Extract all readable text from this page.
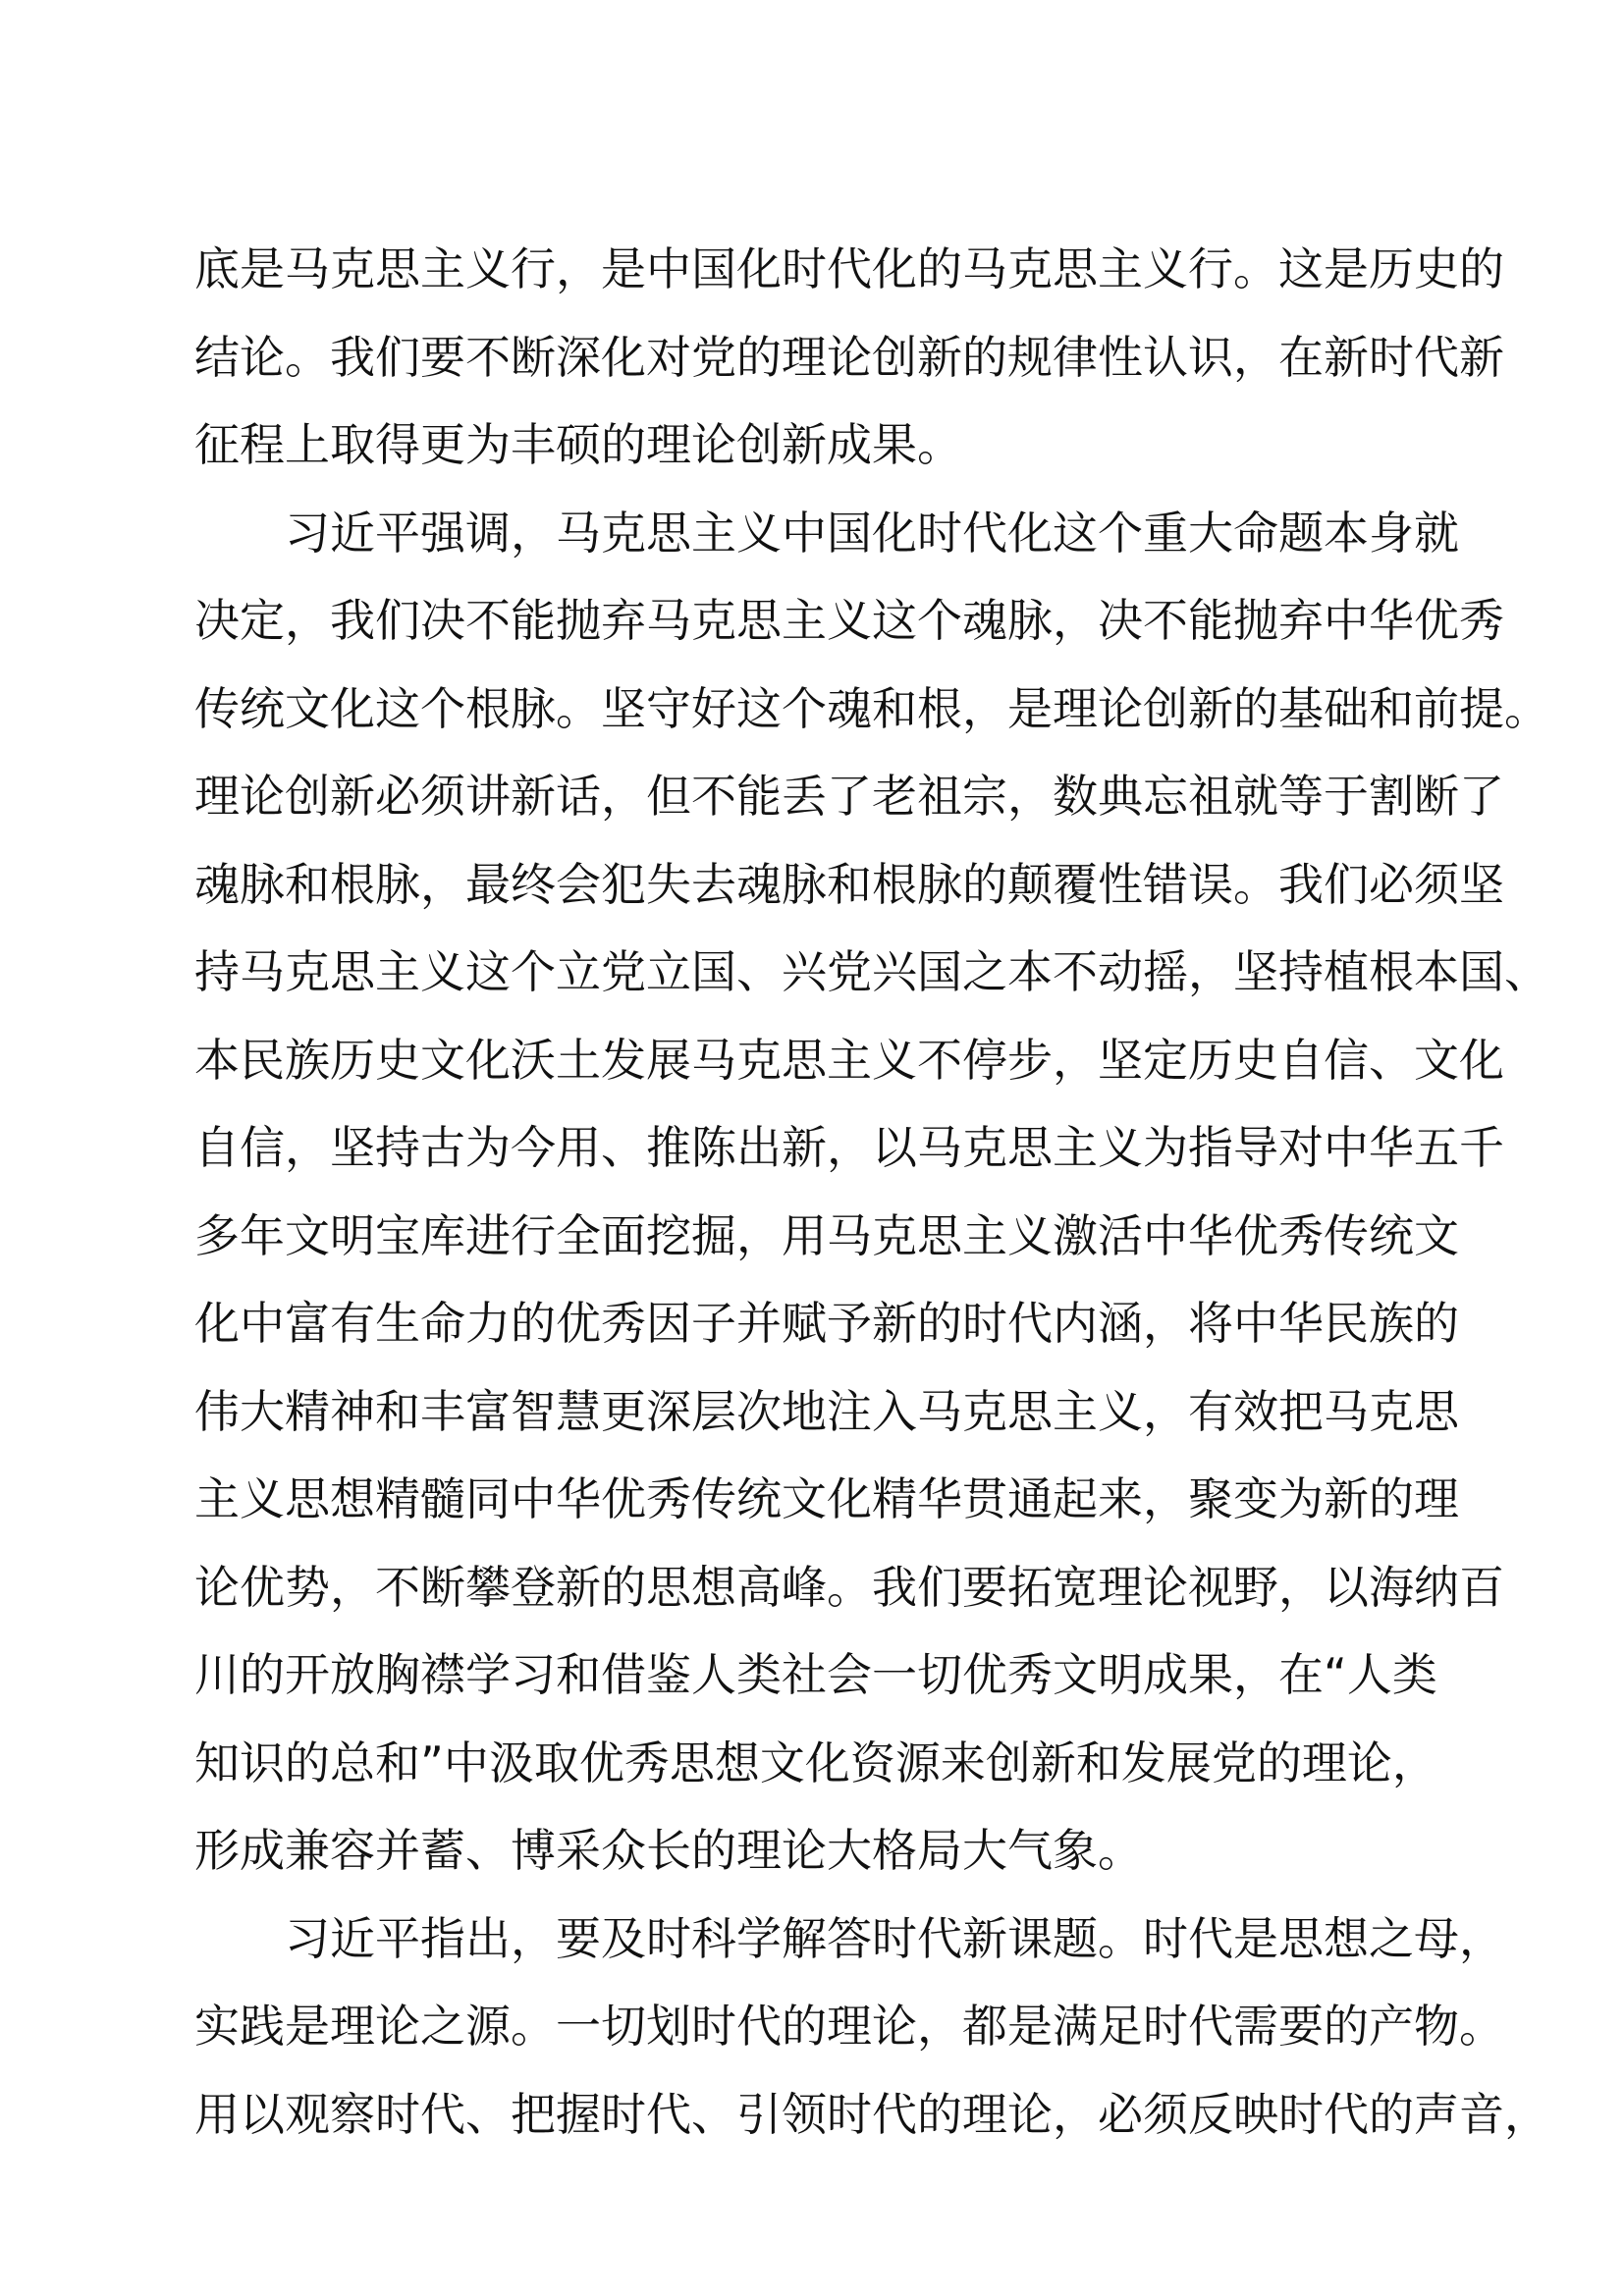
底是马克思主义行，是中国化时代化的马克思主义行。这是历史的
结论。我们要不断深化对党的理论创新的规律性认识，在新时代新
征程上取得更为丰硕的理论创新成果。
习近平强调，马克思主义中国化时代化这个重大命题本身就
决定，我们决不能抛弃马克思主义这个魂脉，决不能抛弃中华优秀
传统文化这个根脉。坚守好这个魂和根，是理论创新的基础和前提。
理论创新必须讲新话，但不能丢了老祖宗，数典忘祖就等于割断了
魂脉和根脉，最终会犯失去魂脉和根脉的颠覆性错误。我们必须坚
持马克思主义这个立党立国、兴党兴国之本不动摇，坚持植根本国、
本民族历史文化沃土发展马克思主义不停步，坚定历史自信、文化
自信，坚持古为今用、推陈出新，以马克思主义为指导对中华五千
多年文明宝库进行全面挖掘，用马克思主义激活中华优秀传统文
化中富有生命力的优秀因子并赋予新的时代内涵，将中华民族的
伟大精神和丰富智慧更深层次地注入马克思主义，有效把马克思
主义思想精髓同中华优秀传统文化精华贯通起来，聚变为新的理
论优势，不断攀登新的思想高峰。我们要拓宽理论视野，以海纳百
川的开放胸襟学习和借鉴人类社会一切优秀文明成果，在“人类
知识的总和”中汲取优秀思想文化资源来创新和发展党的理论，
形成兼容并蓄、博采众长的理论大格局大气象。
习近平指出，要及时科学解答时代新课题。时代是思想之母，
实践是理论之源。一切划时代的理论，都是满足时代需要的产物。
用以观察时代、把握时代、引领时代的理论，必须反映时代的声音，
